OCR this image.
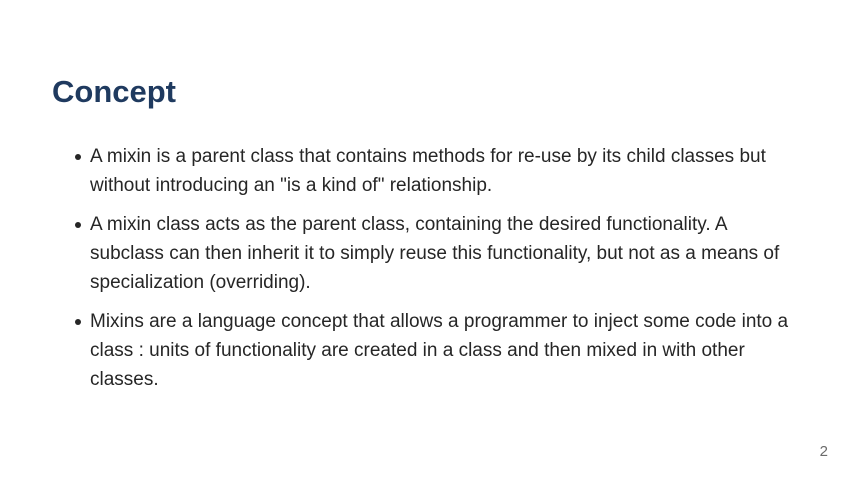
Concept
A mixin is a parent class that contains methods for re-use by its child classes but without introducing an "is a kind of" relationship.
A mixin class acts as the parent class, containing the desired functionality. A subclass can then inherit it to simply reuse this functionality, but not as a means of specialization (overriding).
Mixins are a language concept that allows a programmer to inject some code into a class : units of functionality are created in a class and then mixed in with other classes.
2
